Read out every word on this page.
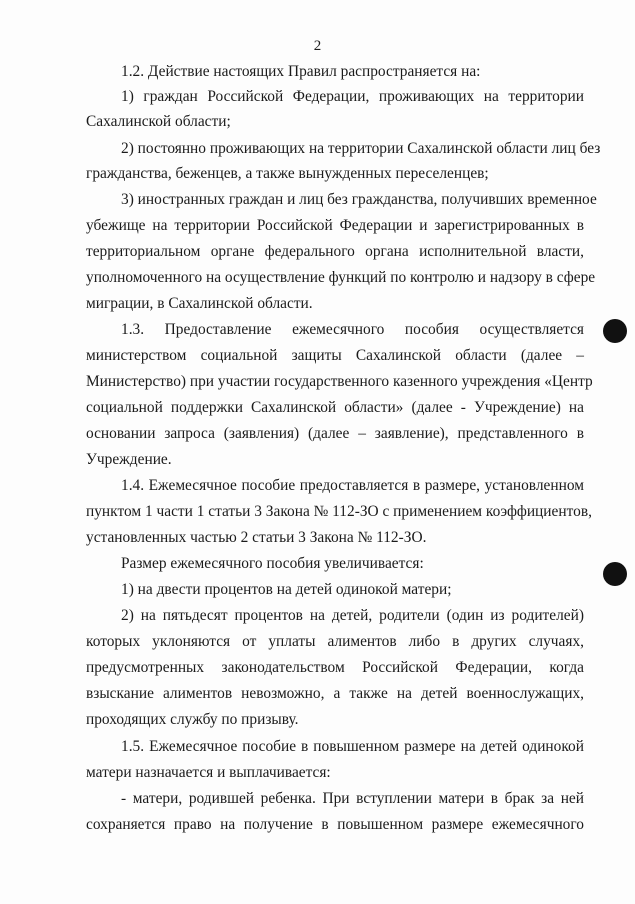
2
1.2. Действие настоящих Правил распространяется на:
1) граждан Российской Федерации, проживающих на территории
Сахалинской области;
2) постоянно проживающих на территории Сахалинской области лиц без
гражданства, беженцев, а также вынужденных переселенцев;
3) иностранных граждан и лиц без гражданства, получивших временное
убежище на территории Российской Федерации и зарегистрированных в
территориальном органе федерального органа исполнительной власти,
уполномоченного на осуществление функций по контролю и надзору в сфере
миграции, в Сахалинской области.
1.3. Предоставление ежемесячного пособия осуществляется
министерством социальной защиты Сахалинской области (далее –
Министерство) при участии государственного казенного учреждения «Центр
социальной поддержки Сахалинской области» (далее - Учреждение) на
основании запроса (заявления) (далее – заявление), представленного в
Учреждение.
1.4. Ежемесячное пособие предоставляется в размере, установленном
пунктом 1 части 1 статьи 3 Закона № 112-ЗО с применением коэффициентов,
установленных частью 2 статьи 3 Закона № 112-ЗО.
Размер ежемесячного пособия увеличивается:
1) на двести процентов на детей одинокой матери;
2) на пятьдесят процентов на детей, родители (один из родителей)
которых уклоняются от уплаты алиментов либо в других случаях,
предусмотренных законодательством Российской Федерации, когда
взыскание алиментов невозможно, а также на детей военнослужащих,
проходящих службу по призыву.
1.5. Ежемесячное пособие в повышенном размере на детей одинокой
матери назначается и выплачивается:
- матери, родившей ребенка. При вступлении матери в брак за ней
сохраняется право на получение в повышенном размере ежемесячного
